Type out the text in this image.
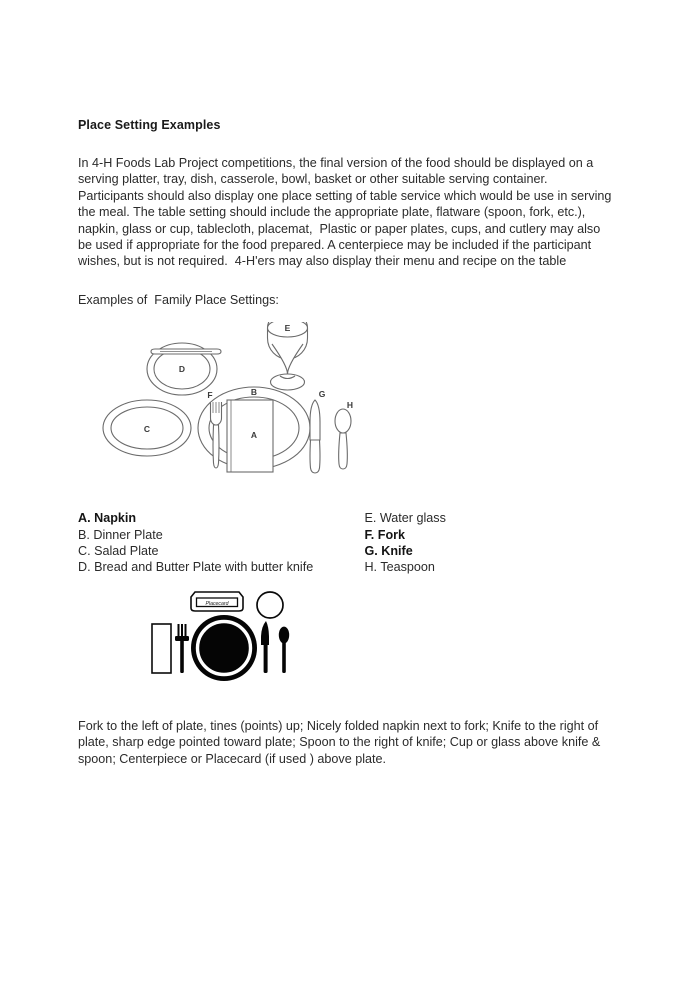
Place Setting Examples

In 4-H Foods Lab Project competitions, the final version of the food should be displayed on a serving platter, tray, dish, casserole, bowl, basket or other suitable serving container. Participants should also display one place setting of table service which would be use in serving the meal. The table setting should include the appropriate plate, flatware (spoon, fork, etc.), napkin, glass or cup, tablecloth, placemat,  Plastic or paper plates, cups, and cutlery may also be used if appropriate for the food prepared. A centerpiece may be included if the participant wishes, but is not required.  4-H'ers may also display their menu and recipe on the table

Examples of  Family Place Settings:

E
D
B
F
C
A
G
H
A. Napkin
B. Dinner Plate
C. Salad Plate
D. Bread and Butter Plate with butter knife

E. Water glass
F. Fork
G. Knife
H. Teaspoon
Placecard

Fork to the left of plate, tines (points) up; Nicely folded napkin next to fork; Knife to the right of plate, sharp edge pointed toward plate; Spoon to the right of knife; Cup or glass above knife & spoon; Centerpiece or Placecard (if used ) above plate.
